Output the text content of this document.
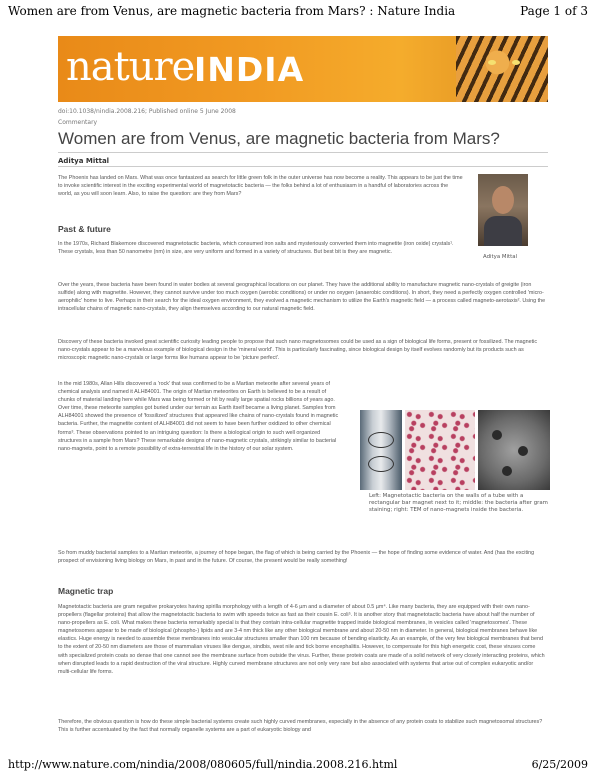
Women are from Venus, are magnetic bacteria from Mars? : Nature India	Page 1 of 3
nature INDIA
doi:10.1038/nindia.2008.216; Published online 5 June 2008
Commentary
Women are from Venus, are magnetic bacteria from Mars?
Aditya Mittal

The Phoenix has landed on Mars. What was once fantasized as search for little green folk in the outer universe has now become a reality. This appears to be just the time to invoke scientific interest in the exciting experimental world of magnetotactic bacteria — the folks behind a lot of enthusiasm in a handful of laboratories across the world, as you will soon learn. Also, to raise the question: are they from Mars?

Aditya Mittal
Past & future

In the 1970s, Richard Blakemore discovered magnetotactic bacteria, which consumed iron salts and mysteriously converted them into magnetite (iron oxide) crystals¹. These crystals, less than 50 nanometre (nm) in size, are very uniform and formed in a variety of structures. But best bit is they are magnetic.

Over the years, these bacteria have been found in water bodies at several geographical locations on our planet. They have the additional ability to manufacture magnetic nano-crystals of greigite (iron sulfide) along with magnetite. However, they cannot survive under too much oxygen (aerobic conditions) or under no oxygen (anaerobic conditions). In short, they need a perfectly oxygen controlled 'micro-aerophilic' home to live. Perhaps in their search for the ideal oxygen environment, they evolved a magnetic mechanism to utilize the Earth's magnetic field — a process called magneto-aerotaxis². Using the intracellular chains of magnetic nano-crystals, they align themselves according to our natural magnetic field.

Discovery of these bacteria invoked great scientific curiosity leading people to propose that such nano magnetosomes could be used as a sign of biological life forms, present or fossilized. The magnetic nano-crystals appear to be a marvelous example of biological design in the 'mineral world'. This is particularly fascinating, since biological design by itself evolves randomly but its products such as microscopic magnetic nano-crystals or large forms like humans appear to be 'picture perfect'.

In the mid 1980s, Allan Hills discovered a 'rock' that was confirmed to be a Martian meteorite after several years of chemical analysis and named it ALH84001. The origin of Martian meteorites on Earth is believed to be a result of chunks of material landing here while Mars was being formed or hit by really large spatial rocks billions of years ago. Over time, these meteorite samples got buried under our terrain as Earth itself became a living planet. Samples from ALH84001 showed the presence of 'fossilized' structures that appeared like chains of nano-crystals found in magnetic bacteria. Further, the magnetite content of ALH84001 did not seem to have been further oxidized to other chemical forms³. These observations pointed to an intriguing question: Is there a biological origin to such well organized structures in a sample from Mars? These remarkable designs of nano-magnetic crystals, strikingly similar to bacterial nano-magnets, point to a remote possibility of extra-terrestrial life in the history of our solar system.

Left: Magnetotactic bacteria on the walls of a tube with a rectangular bar magnet next to it; middle: the bacteria after gram staining; right: TEM of nano-magnets inside the bacteria.

So from muddy bacterial samples to a Martian meteorite, a journey of hope began, the flag of which is being carried by the Phoenix — the hope of finding some evidence of water. And (has the exciting prospect of envisioning living biology on Mars, in past and in the future. Of course, the present would be really something!

Magnetic trap

Magnetotactic bacteria are gram negative prokaryotes having spirilla morphology with a length of 4-6 µm and a diameter of about 0.5 µm⁴. Like many bacteria, they are equipped with their own nano-propellers (flagellar proteins) that allow the magnetotactic bacteria to swim with speeds twice as fast as their cousin E. coli⁵. It is another story that magnetotactic bacteria have about half the number of nano-propellers as E. coli. What makes these bacteria remarkably special is that they contain intra-cellular magnetite trapped inside biological membranes, in vesicles called 'magnetosomes'. These magnetosomes appear to be made of biological (phospho-) lipids and are 3-4 nm thick like any other biological membrane and about 20-50 nm in diameter. In general, biological membranes behave like elastics. Huge energy is needed to assemble these membranes into vesicular structures smaller than 100 nm because of bending elasticity. As an example, of the very few biological membranes that bend to the extent of 20-50 nm diameters are those of mammalian viruses like dengue, sindbis, west nile and tick borne encephalitis. However, to compensate for this high energetic cost, these viruses come with specialized protein coats so dense that one cannot see the membrane surface from outside the virus. Further, these protein coats are made of a solid network of very closely interacting proteins, which when disrupted leads to a rapid destruction of the viral structure. Highly curved membrane structures are not only very rare but also associated with systems that arise out of complex eukaryotic and/or multi-cellular life forms.

Therefore, the obvious question is how do these simple bacterial systems create such highly curved membranes, especially in the absence of any protein coats to stabilize such magnetosomal structures? This is further accentuated by the fact that normally organelle systems are a part of eukaryotic biology and

http://www.nature.com/nindia/2008/080605/full/nindia.2008.216.html	6/25/2009
